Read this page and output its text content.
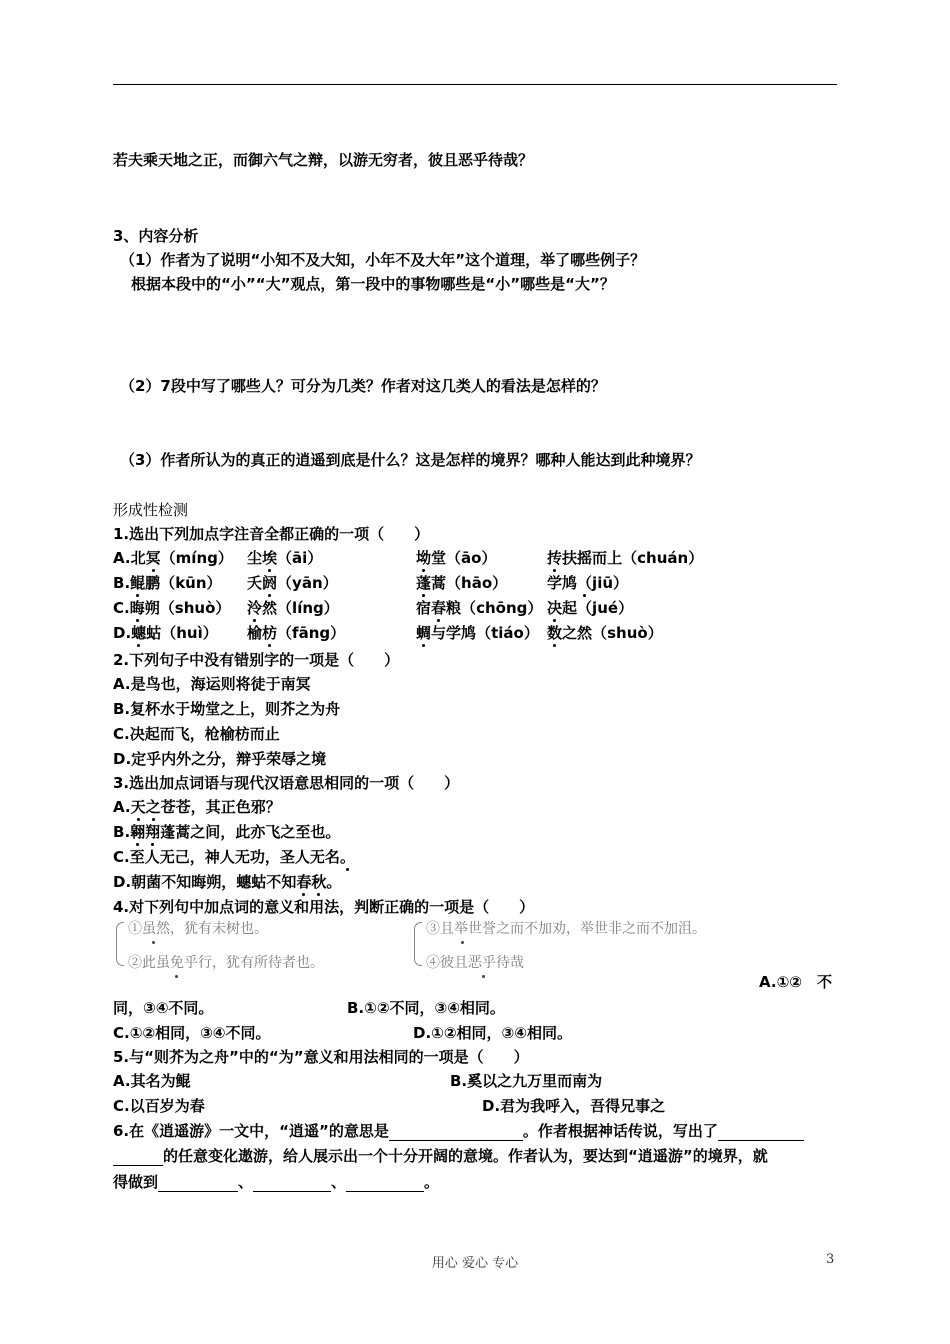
若夫乘天地之正，而御六气之辩，以游无穷者，彼且恶乎待哉？
3、内容分析
（1）作者为了说明“小知不及大知，小年不及大年”这个道理，举了哪些例子？
根据本段中的“小”“大”观点，第一段中的事物哪些是“小”哪些是“大”？
（2）7段中写了哪些人？可分为几类？作者对这几类人的看法是怎样的？
（3）作者所认为的真正的逍遥到底是什么？这是怎样的境界？哪种人能达到此种境界？
形成性检测
1.选出下列加点字注音全都正确的一项（　　）
2.下列句子中没有错别字的一项是（　　）
A.是鸟也，海运则将徒于南冥
B.复杯水于坳堂之上，则芥之为舟
C.决起而飞，枪榆枋而止
D.定乎内外之分，辩乎荣辱之境
3.选出加点词语与现代汉语意思相同的一项（　　）
A.天之苍苍，其正色邪？
B.翱翔蓬蒿之间，此亦飞之至也。
C.至人无己，神人无功，圣人无名。
D.朝菌不知晦朔，蟪蛄不知春秋。
4.对下列句中加点词的意义和用法，判断正确的一项是（　　）
①虽然，犹有未树也。
②此虽免乎行，犹有所待者也。
③且举世誉之而不加劝，举世非之而不加沮。
④彼且恶乎待哉
A.①②　不
同，③④不同。	B.①②不同，③④相同。
C.①②相同，③④不同。	D.①②相同，③④相同。
5.与“则芥为之舟”中的“为”意义和用法相同的一项是（　　）
A.其名为鲲	B.奚以之九万里而南为
C.以百岁为春	D.君为我呼入，吾得兄事之
6.在《逍遥游》一文中，“逍遥”的意思是	。作者根据神话传说，写出了
的任意变化遨游，给人展示出一个十分开阔的意境。作者认为，要达到“逍遥游”的境界，就
得做到	、	、	。
用心 爱心 专心	3
A.北冥（míng） 尘埃（āi）	坳堂（āo）	抟扶摇而上（chuán）
B.鲲鹏（kūn） 夭阏（yān）	蓬蒿（hāo）	学鸠（jiū）
C.晦朔（shuò） 泠然（líng）	宿春粮（chōng） 决起（jué）
D.蟪蛄（huì） 榆枋（fāng）	蜩与学鸠（tiáo） 数之然（shuò）
